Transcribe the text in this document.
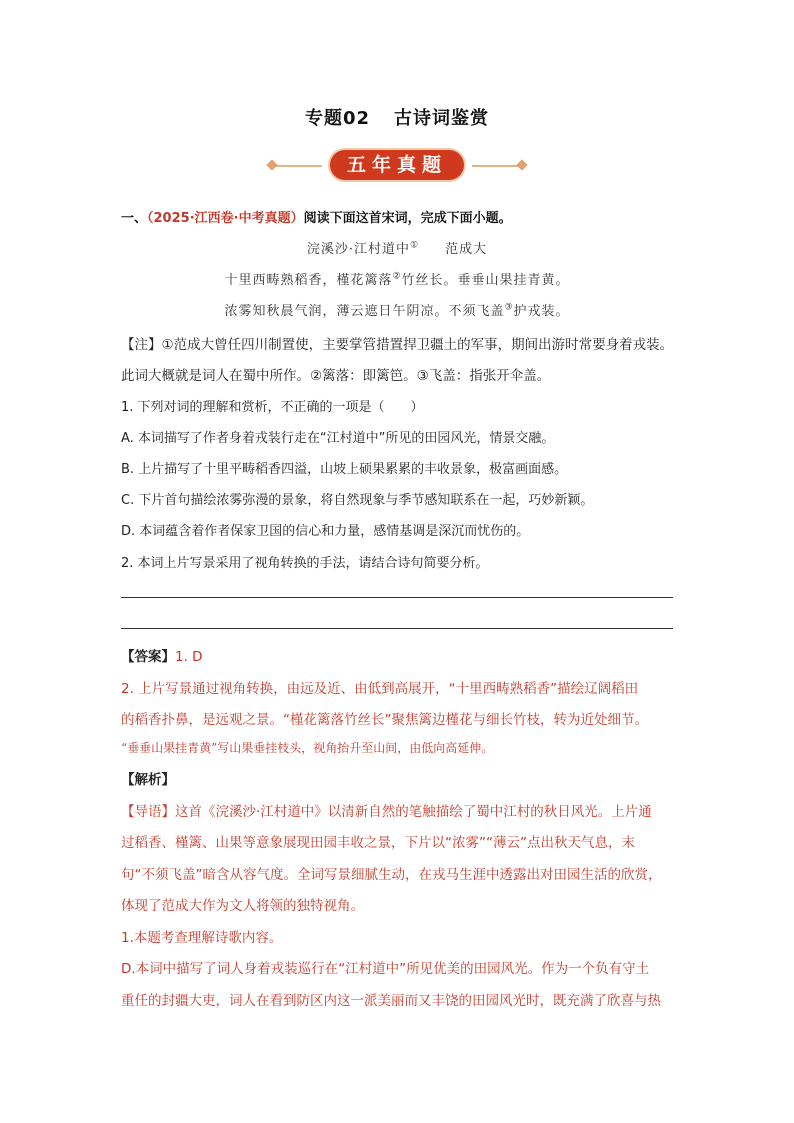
专题02 古诗词鉴赏
五年真题
一、（2025·江西卷·中考真题）阅读下面这首宋词，完成下面小题。
浣溪沙·江村道中① 范成大
十里西畴熟稻香，槿花篱落②竹丝长。垂垂山果挂青黄。
浓雾知秋晨气润，薄云遮日午阴凉。不须飞盖③护戎装。
【注】①范成大曾任四川制置使，主要掌管措置捍卫疆土的军事，期间出游时常要身着戎装。
此词大概就是词人在蜀中所作。②篱落：即篱笆。③飞盖：指张开伞盖。
1. 下列对词的理解和赏析，不正确的一项是（　　）
A. 本词描写了作者身着戎装行走在“江村道中”所见的田园风光，情景交融。
B. 上片描写了十里平畴稻香四溢，山坡上硕果累累的丰收景象，极富画面感。
C. 下片首句描绘浓雾弥漫的景象，将自然现象与季节感知联系在一起，巧妙新颖。
D. 本词蕴含着作者保家卫国的信心和力量，感情基调是深沉而忧伤的。
2. 本词上片写景采用了视角转换的手法，请结合诗句简要分析。
【答案】1. D
2. 上片写景通过视角转换，由远及近、由低到高展开，“十里西畴熟稻香”描绘辽阔稻田
的稻香扑鼻，是远观之景。“槿花篱落竹丝长”聚焦篱边槿花与细长竹枝，转为近处细节。
“垂垂山果挂青黄”写山果垂挂枝头，视角抬升至山间，由低向高延伸。
【解析】
【导语】这首《浣溪沙·江村道中》以清新自然的笔触描绘了蜀中江村的秋日风光。上片通
过稻香、槿篱、山果等意象展现田园丰收之景，下片以“浓雾”“薄云”点出秋天气息，末
句“不须飞盖”暗含从容气度。全词写景细腻生动，在戎马生涯中透露出对田园生活的欣赏，
体现了范成大作为文人将领的独特视角。
1.本题考查理解诗歌内容。
D.本词中描写了词人身着戎装巡行在“江村道中”所见优美的田园风光。作为一个负有守土
重任的封疆大吏，词人在看到防区内这一派美丽而又丰饶的田园风光时，既充满了欣喜与热
